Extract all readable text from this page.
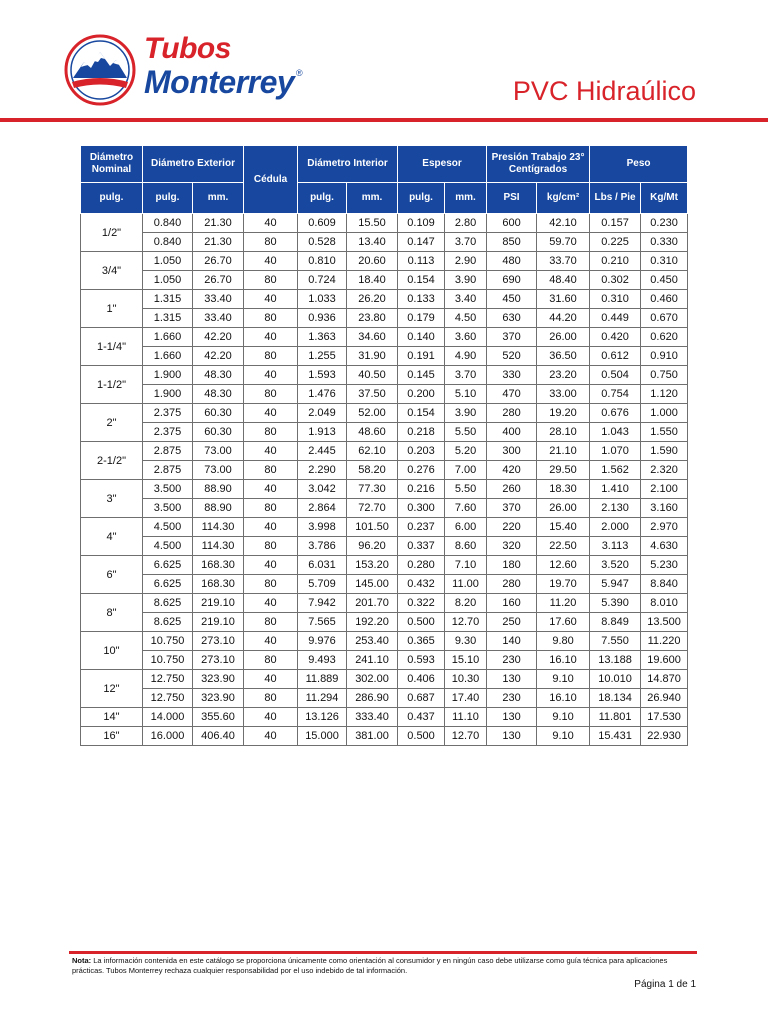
Tubos
Monterrey ®
PVC Hidraúlico
Diámetro Nominal	Diámetro Exterior		Cédula	Diámetro Interior		Espesor		Presión Trabajo 23° Centígrados		Peso	
pulg.	pulg.	mm.		pulg.	mm.	pulg.	mm.	PSI	kg/cm²	Lbs / Pie	Kg/Mt
1/2"	0.840	21.30	40	0.609	15.50	0.109	2.80	600	42.10	0.157	0.230
	0.840	21.30	80	0.528	13.40	0.147	3.70	850	59.70	0.225	0.330
3/4"	1.050	26.70	40	0.810	20.60	0.113	2.90	480	33.70	0.210	0.310
	1.050	26.70	80	0.724	18.40	0.154	3.90	690	48.40	0.302	0.450
1"	1.315	33.40	40	1.033	26.20	0.133	3.40	450	31.60	0.310	0.460
	1.315	33.40	80	0.936	23.80	0.179	4.50	630	44.20	0.449	0.670
1-1/4"	1.660	42.20	40	1.363	34.60	0.140	3.60	370	26.00	0.420	0.620
	1.660	42.20	80	1.255	31.90	0.191	4.90	520	36.50	0.612	0.910
1-1/2"	1.900	48.30	40	1.593	40.50	0.145	3.70	330	23.20	0.504	0.750
	1.900	48.30	80	1.476	37.50	0.200	5.10	470	33.00	0.754	1.120
2"	2.375	60.30	40	2.049	52.00	0.154	3.90	280	19.20	0.676	1.000
	2.375	60.30	80	1.913	48.60	0.218	5.50	400	28.10	1.043	1.550
2-1/2"	2.875	73.00	40	2.445	62.10	0.203	5.20	300	21.10	1.070	1.590
	2.875	73.00	80	2.290	58.20	0.276	7.00	420	29.50	1.562	2.320
3"	3.500	88.90	40	3.042	77.30	0.216	5.50	260	18.30	1.410	2.100
	3.500	88.90	80	2.864	72.70	0.300	7.60	370	26.00	2.130	3.160
4"	4.500	114.30	40	3.998	101.50	0.237	6.00	220	15.40	2.000	2.970
	4.500	114.30	80	3.786	96.20	0.337	8.60	320	22.50	3.113	4.630
6"	6.625	168.30	40	6.031	153.20	0.280	7.10	180	12.60	3.520	5.230
	6.625	168.30	80	5.709	145.00	0.432	11.00	280	19.70	5.947	8.840
8"	8.625	219.10	40	7.942	201.70	0.322	8.20	160	11.20	5.390	8.010
	8.625	219.10	80	7.565	192.20	0.500	12.70	250	17.60	8.849	13.500
10"	10.750	273.10	40	9.976	253.40	0.365	9.30	140	9.80	7.550	11.220
	10.750	273.10	80	9.493	241.10	0.593	15.10	230	16.10	13.188	19.600
12"	12.750	323.90	40	11.889	302.00	0.406	10.30	130	9.10	10.010	14.870
	12.750	323.90	80	11.294	286.90	0.687	17.40	230	16.10	18.134	26.940
14"	14.000	355.60	40	13.126	333.40	0.437	11.10	130	9.10	11.801	17.530
16"	16.000	406.40	40	15.000	381.00	0.500	12.70	130	9.10	15.431	22.930
Nota: La información contenida en este catálogo se proporciona únicamente como orientación al consumidor y en ningún caso debe utilizarse como guía técnica para aplicaciones prácticas. Tubos Monterrey rechaza cualquier responsabilidad por el uso indebido de tal información.
Página 1 de 1
